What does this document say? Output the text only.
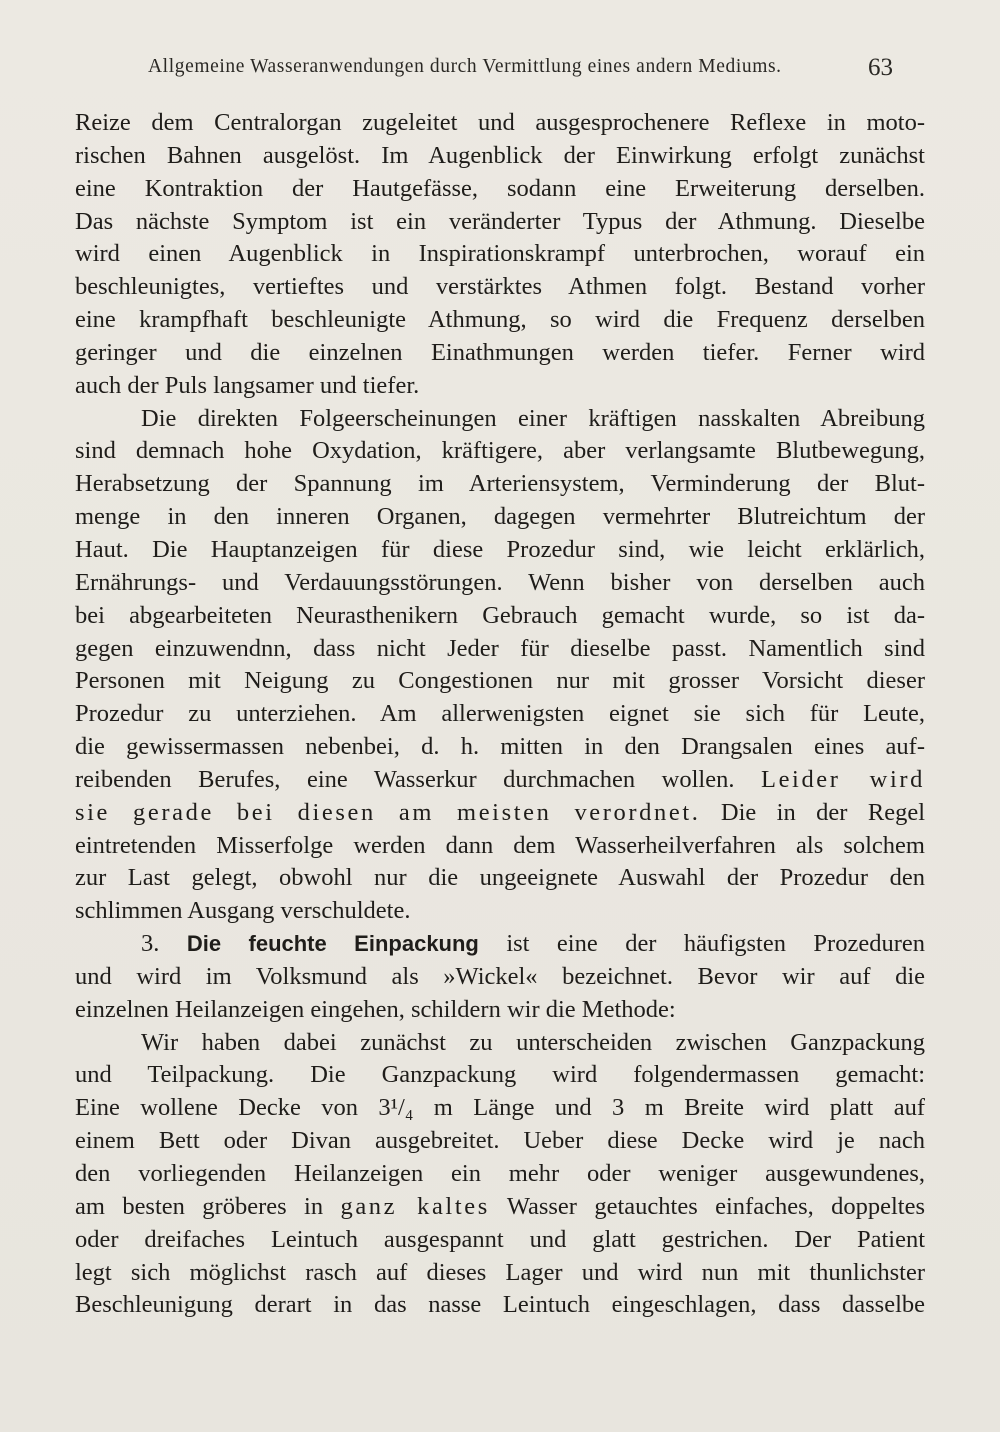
Allgemeine Wasseranwendungen durch Vermittlung eines andern Mediums.	63
Reize dem Centralorgan zugeleitet und ausgesprochenere Reflexe in moto-
rischen Bahnen ausgelöst. Im Augenblick der Einwirkung erfolgt zunächst
eine Kontraktion der Hautgefässe, sodann eine Erweiterung derselben.
Das nächste Symptom ist ein veränderter Typus der Athmung. Dieselbe
wird einen Augenblick in Inspirationskrampf unterbrochen, worauf ein
beschleunigtes, vertieftes und verstärktes Athmen folgt. Bestand vorher
eine krampfhaft beschleunigte Athmung, so wird die Frequenz derselben
geringer und die einzelnen Einathmungen werden tiefer. Ferner wird
auch der Puls langsamer und tiefer.
Die direkten Folgeerscheinungen einer kräftigen nasskalten Abreibung
sind demnach hohe Oxydation, kräftigere, aber verlangsamte Blutbewegung,
Herabsetzung der Spannung im Arteriensystem, Verminderung der Blut-
menge in den inneren Organen, dagegen vermehrter Blutreichtum der
Haut. Die Hauptanzeigen für diese Prozedur sind, wie leicht erklärlich,
Ernährungs- und Verdauungsstörungen. Wenn bisher von derselben auch
bei abgearbeiteten Neurasthenikern Gebrauch gemacht wurde, so ist da-
gegen einzuwendnn, dass nicht Jeder für dieselbe passt. Namentlich sind
Personen mit Neigung zu Congestionen nur mit grosser Vorsicht dieser
Prozedur zu unterziehen. Am allerwenigsten eignet sie sich für Leute,
die gewissermassen nebenbei, d. h. mitten in den Drangsalen eines auf-
reibenden Berufes, eine Wasserkur durchmachen wollen. Leider wird
sie gerade bei diesen am meisten verordnet. Die in der Regel
eintretenden Misserfolge werden dann dem Wasserheilverfahren als solchem
zur Last gelegt, obwohl nur die ungeeignete Auswahl der Prozedur den
schlimmen Ausgang verschuldete.
3. Die feuchte Einpackung ist eine der häufigsten Prozeduren
und wird im Volksmund als »Wickel« bezeichnet. Bevor wir auf die
einzelnen Heilanzeigen eingehen, schildern wir die Methode:
Wir haben dabei zunächst zu unterscheiden zwischen Ganzpackung
und Teilpackung. Die Ganzpackung wird folgendermassen gemacht:
Eine wollene Decke von 3¹/₄ m Länge und 3 m Breite wird platt auf
einem Bett oder Divan ausgebreitet. Ueber diese Decke wird je nach
den vorliegenden Heilanzeigen ein mehr oder weniger ausgewundenes,
am besten gröberes in ganz kaltes Wasser getauchtes einfaches, doppeltes
oder dreifaches Leintuch ausgespannt und glatt gestrichen. Der Patient
legt sich möglichst rasch auf dieses Lager und wird nun mit thunlichster
Beschleunigung derart in das nasse Leintuch eingeschlagen, dass dasselbe
